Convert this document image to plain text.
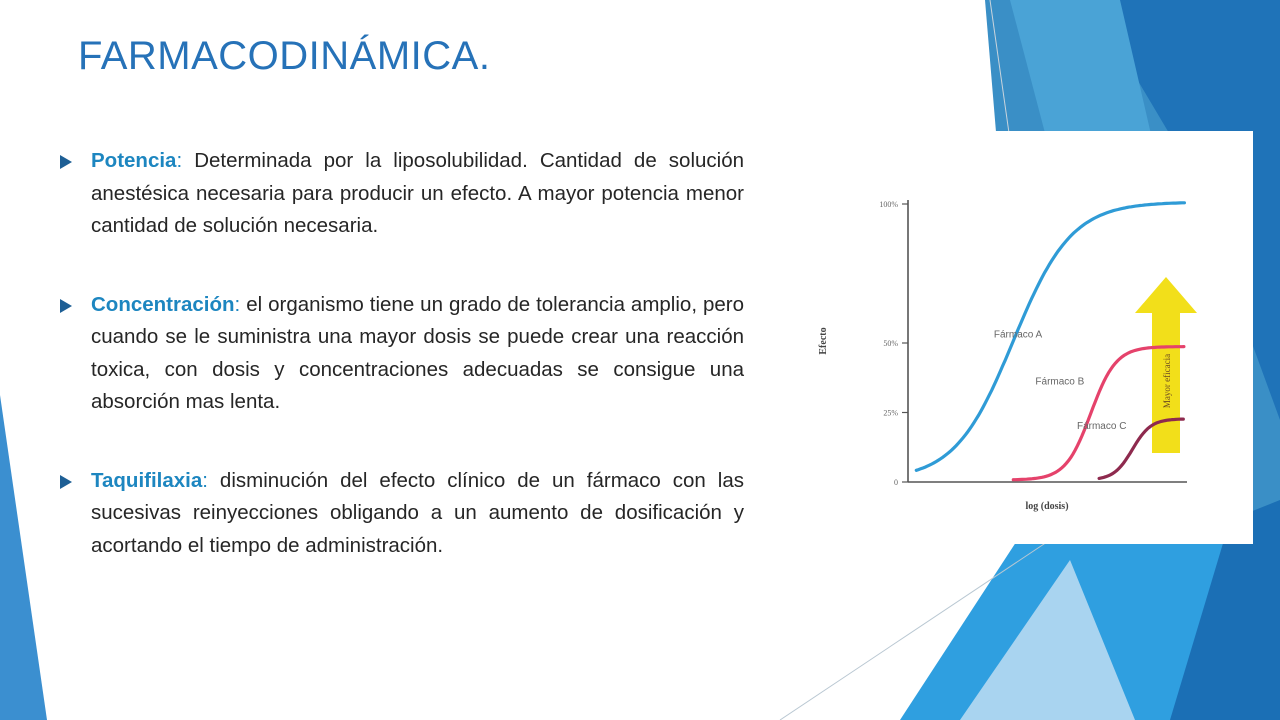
FARMACODINÁMICA.
Potencia: Determinada por la liposolubilidad. Cantidad de solución anestésica necesaria para producir un efecto. A mayor potencia menor cantidad de solución necesaria.
Concentración: el organismo tiene un grado de tolerancia amplio, pero cuando se le suministra una mayor dosis se puede crear una reacción toxica, con dosis y concentraciones adecuadas se consigue una absorción mas lenta.
Taquifilaxia: disminución del efecto clínico de un fármaco con las sucesivas reinyecciones obligando a un aumento de dosificación y acortando el tiempo de administración.
0
25%
50%
100%
Mayor eficacia
Fármaco A
Fármaco B
Fármaco C
log (dosis)
Efecto
